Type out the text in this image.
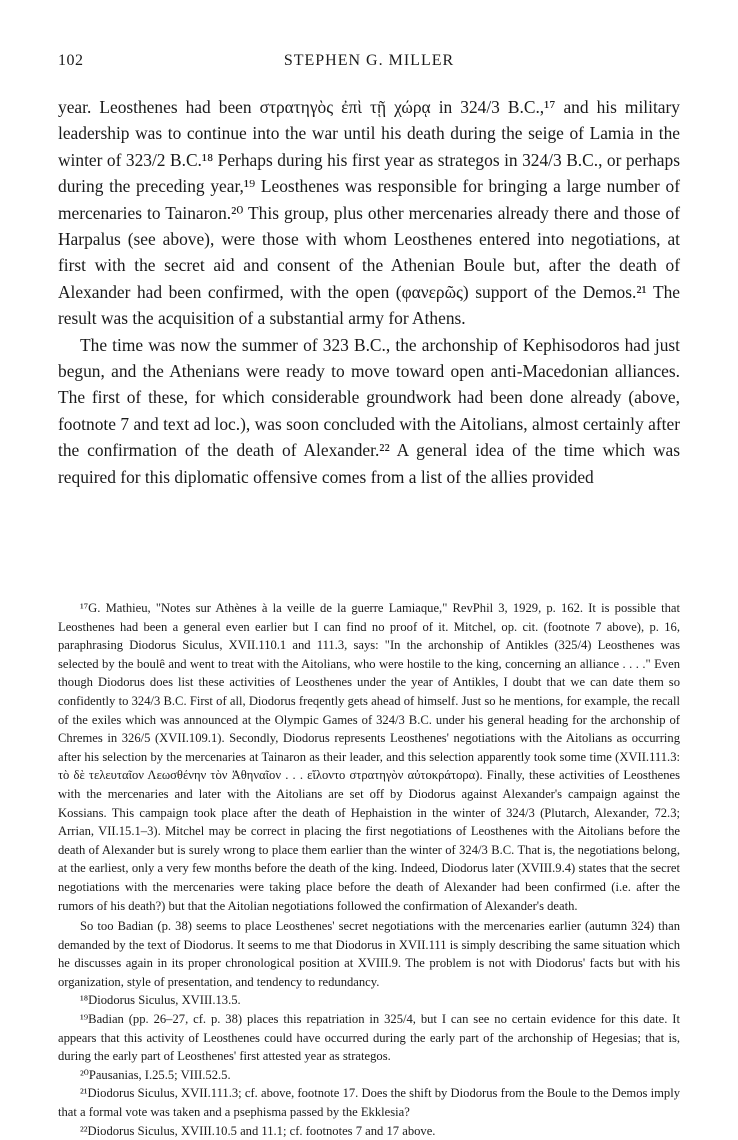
102	STEPHEN G. MILLER

year. Leosthenes had been στρατηγὸς ἐπὶ τῇ χώρᾳ in 324/3 B.C.,¹⁷ and his military leadership was to continue into the war until his death during the seige of Lamia in the winter of 323/2 B.C.¹⁸ Perhaps during his first year as strategos in 324/3 B.C., or perhaps during the preceding year,¹⁹ Leosthenes was responsible for bringing a large number of mercenaries to Tainaron.²⁰ This group, plus other mercenaries already there and those of Harpalus (see above), were those with whom Leosthenes entered into negotiations, at first with the secret aid and consent of the Athenian Boule but, after the death of Alexander had been confirmed, with the open (φανερῶς) support of the Demos.²¹ The result was the acquisition of a substantial army for Athens.

The time was now the summer of 323 B.C., the archonship of Kephisodoros had just begun, and the Athenians were ready to move toward open anti-Macedonian alliances. The first of these, for which considerable groundwork had been done already (above, footnote 7 and text ad loc.), was soon concluded with the Aitolians, almost certainly after the confirmation of the death of Alexander.²² A general idea of the time which was required for this diplomatic offensive comes from a list of the allies provided

¹⁷G. Mathieu, "Notes sur Athènes à la veille de la guerre Lamiaque," RevPhil 3, 1929, p. 162. It is possible that Leosthenes had been a general even earlier but I can find no proof of it. Mitchel, op. cit. (footnote 7 above), p. 16, paraphrasing Diodorus Siculus, XVII.110.1 and 111.3, says: "In the archonship of Antikles (325/4) Leosthenes was selected by the boulê and went to treat with the Aitolians, who were hostile to the king, concerning an alliance . . . ." Even though Diodorus does list these activities of Leosthenes under the year of Antikles, I doubt that we can date them so confidently to 324/3 B.C. First of all, Diodorus freqently gets ahead of himself. Just so he mentions, for example, the recall of the exiles which was announced at the Olympic Games of 324/3 B.C. under his general heading for the archonship of Chremes in 326/5 (XVII.109.1). Secondly, Diodorus represents Leosthenes' negotiations with the Aitolians as occurring after his selection by the mercenaries at Tainaron as their leader, and this selection apparently took some time (XVII.111.3: τὸ δὲ τελευταῖον Λεωσθένην τὸν Ἀθηναῖον . . . εἵλοντο στρατηγὸν αὐτοκράτορα). Finally, these activities of Leosthenes with the mercenaries and later with the Aitolians are set off by Diodorus against Alexander's campaign against the Kossians. This campaign took place after the death of Hephaistion in the winter of 324/3 (Plutarch, Alexander, 72.3; Arrian, VII.15.1–3). Mitchel may be correct in placing the first negotiations of Leosthenes with the Aitolians before the death of Alexander but is surely wrong to place them earlier than the winter of 324/3 B.C. That is, the negotiations belong, at the earliest, only a very few months before the death of the king. Indeed, Diodorus later (XVIII.9.4) states that the secret negotiations with the mercenaries were taking place before the death of Alexander had been confirmed (i.e. after the rumors of his death?) but that the Aitolian negotiations followed the confirmation of Alexander's death.

So too Badian (p. 38) seems to place Leosthenes' secret negotiations with the mercenaries earlier (autumn 324) than demanded by the text of Diodorus. It seems to me that Diodorus in XVII.111 is simply describing the same situation which he discusses again in its proper chronological position at XVIII.9. The problem is not with Diodorus' facts but with his organization, style of presentation, and tendency to redundancy.

¹⁸Diodorus Siculus, XVIII.13.5.

¹⁹Badian (pp. 26–27, cf. p. 38) places this repatriation in 325/4, but I can see no certain evidence for this date. It appears that this activity of Leosthenes could have occurred during the early part of the archonship of Hegesias; that is, during the early part of Leosthenes' first attested year as strategos.

²⁰Pausanias, I.25.5; VIII.52.5.

²¹Diodorus Siculus, XVII.111.3; cf. above, footnote 17. Does the shift by Diodorus from the Boule to the Demos imply that a formal vote was taken and a psephisma passed by the Ekklesia?

²²Diodorus Siculus, XVIII.10.5 and 11.1; cf. footnotes 7 and 17 above.
